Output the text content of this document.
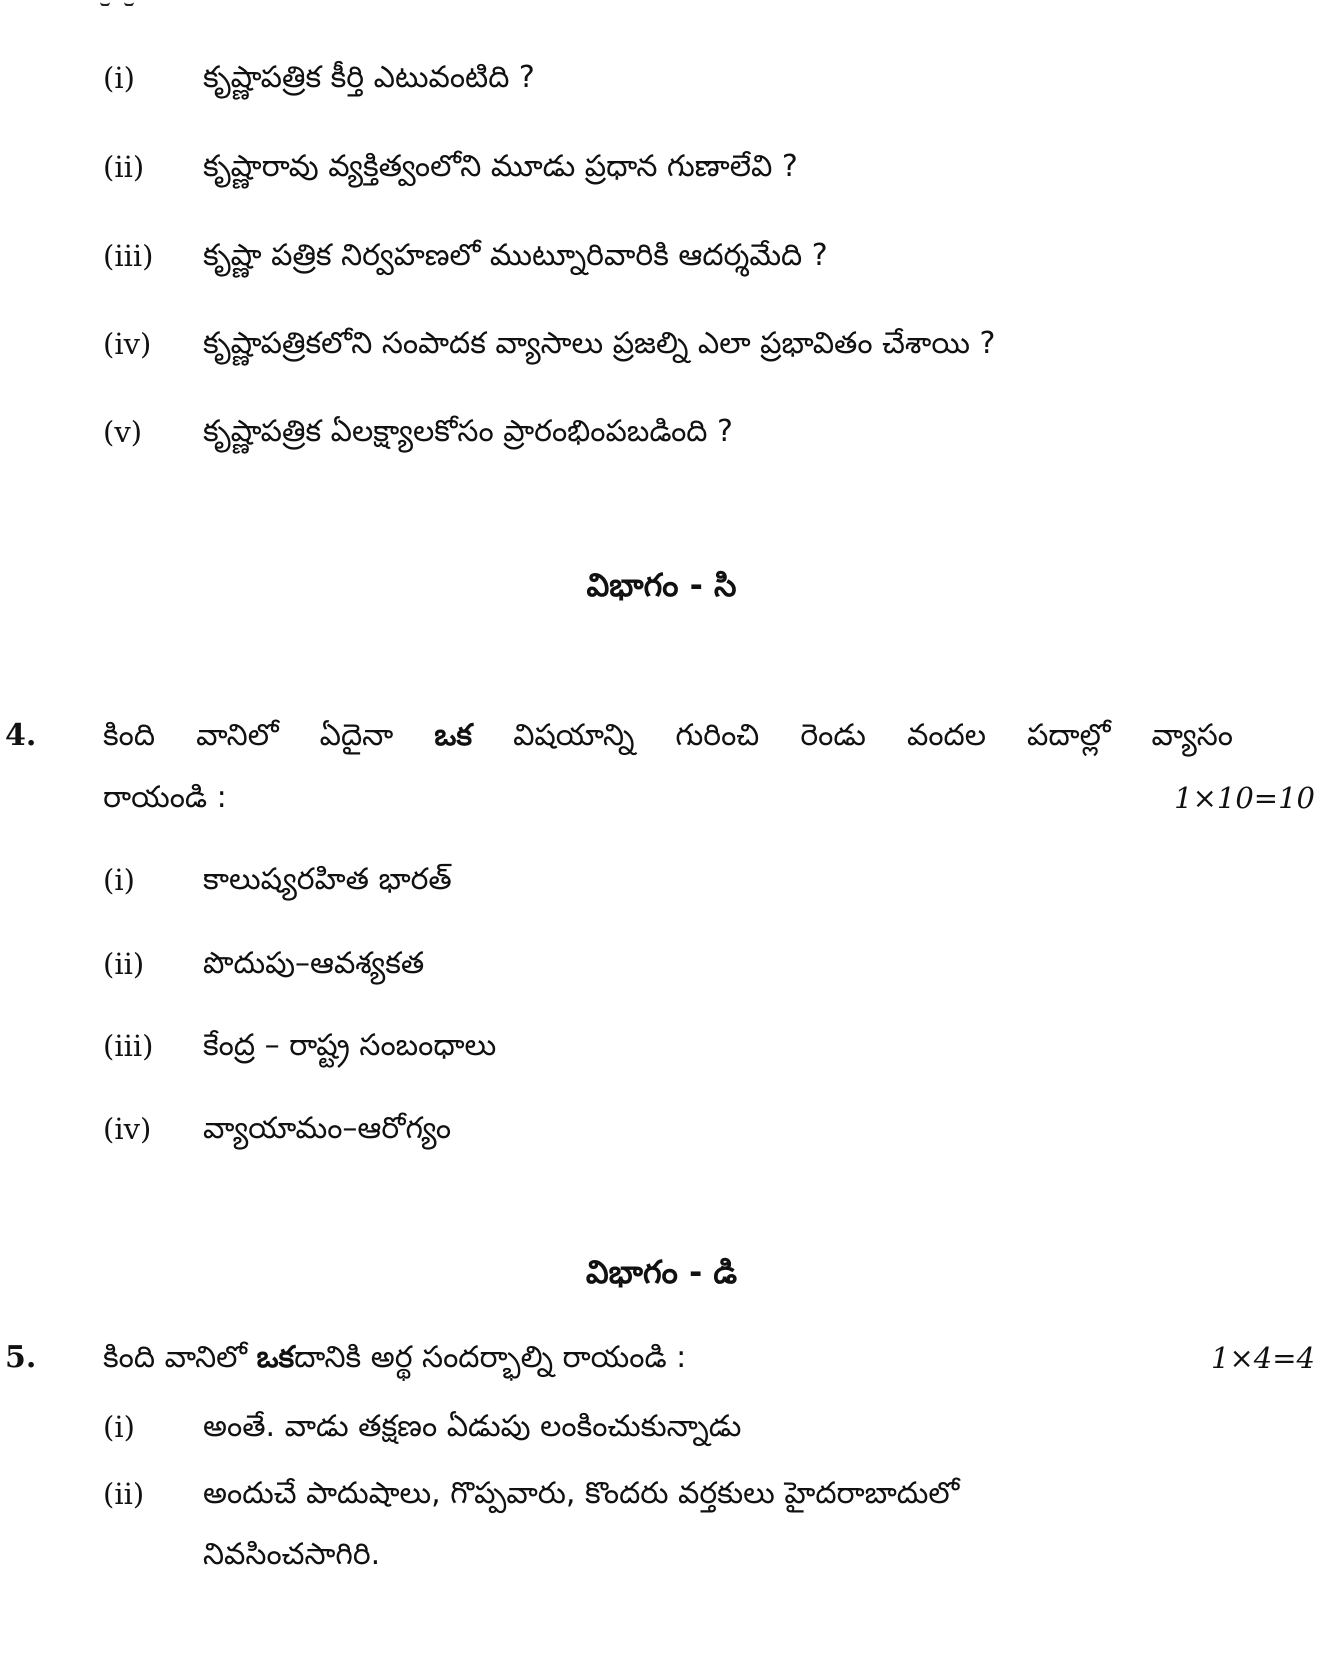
(i) కృష్ణాపత్రిక కీర్తి ఎటువంటిది ?
(ii) కృష్ణారావు వ్యక్తిత్వంలోని మూడు ప్రధాన గుణాలేవి ?
(iii) కృష్ణా పత్రిక నిర్వహణలో ముట్నూరివారికి ఆదర్శమేది ?
(iv) కృష్ణాపత్రికలోని సంపాదక వ్యాసాలు ప్రజల్ని ఎలా ప్రభావితం చేశాయి ?
(v) కృష్ణాపత్రిక ఏలక్ష్యాలకోసం ప్రారంభింపబడింది ?
విభాగం - సి
4. కింది వానిలో ఏదైనా ఒక విషయాన్ని గురించి రెండు వందల పదాల్లో వ్యాసం
రాయండి :	1×10=10
(i) కాలుష్యరహిత భారత్
(ii) పొదుపు–ఆవశ్యకత
(iii) కేంద్ర – రాష్ట్ర సంబంధాలు
(iv) వ్యాయామం–ఆరోగ్యం
విభాగం - డి
5. కింది వానిలో ఒకదానికి అర్థ సందర్భాల్ని రాయండి :	1×4=4
(i) అంతే. వాడు తక్షణం ఏడుపు లంకించుకున్నాడు
(ii) అందుచే పాదుషాలు, గొప్పవారు, కొందరు వర్తకులు హైదరాబాదులో
నివసించసాగిరి.
